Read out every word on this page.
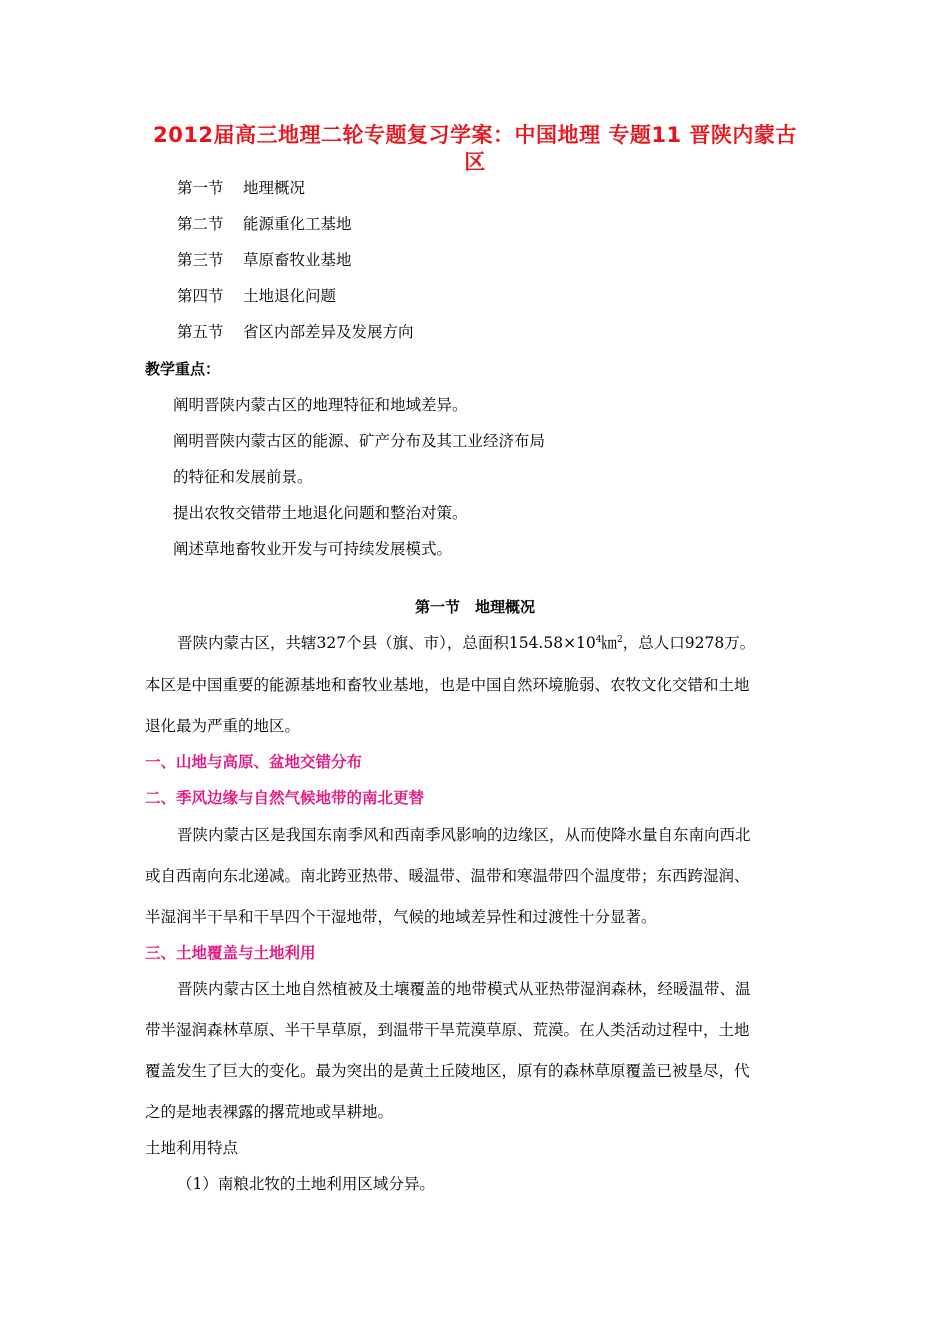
2012届高三地理二轮专题复习学案：中国地理 专题11 晋陕内蒙古
区
第一节 地理概况
第二节 能源重化工基地
第三节 草原畜牧业基地
第四节 土地退化问题
第五节 省区内部差异及发展方向
教学重点：
阐明晋陕内蒙古区的地理特征和地域差异。
阐明晋陕内蒙古区的能源、矿产分布及其工业经济布局
的特征和发展前景。
提出农牧交错带土地退化问题和整治对策。
阐述草地畜牧业开发与可持续发展模式。
第一节　地理概况
晋陕内蒙古区，共辖327个县（旗、市），总面积$154.58\times 10^4㎞^2$，总人口9278万。
本区是中国重要的能源基地和畜牧业基地，也是中国自然环境脆弱、农牧文化交错和土地
退化最为严重的地区。
一、山地与高原、盆地交错分布
二、季风边缘与自然气候地带的南北更替
晋陕内蒙古区是我国东南季风和西南季风影响的边缘区，从而使降水量自东南向西北
或自西南向东北递减。南北跨亚热带、暖温带、温带和寒温带四个温度带；东西跨湿润、
半湿润半干旱和干旱四个干湿地带，气候的地域差异性和过渡性十分显著。
三、土地覆盖与土地利用
晋陕内蒙古区土地自然植被及土壤覆盖的地带模式从亚热带湿润森林，经暖温带、温
带半湿润森林草原、半干旱草原，到温带干旱荒漠草原、荒漠。在人类活动过程中，土地
覆盖发生了巨大的变化。最为突出的是黄土丘陵地区，原有的森林草原覆盖已被垦尽，代
之的是地表裸露的撂荒地或旱耕地。
土地利用特点
（1）南粮北牧的土地利用区域分异。
